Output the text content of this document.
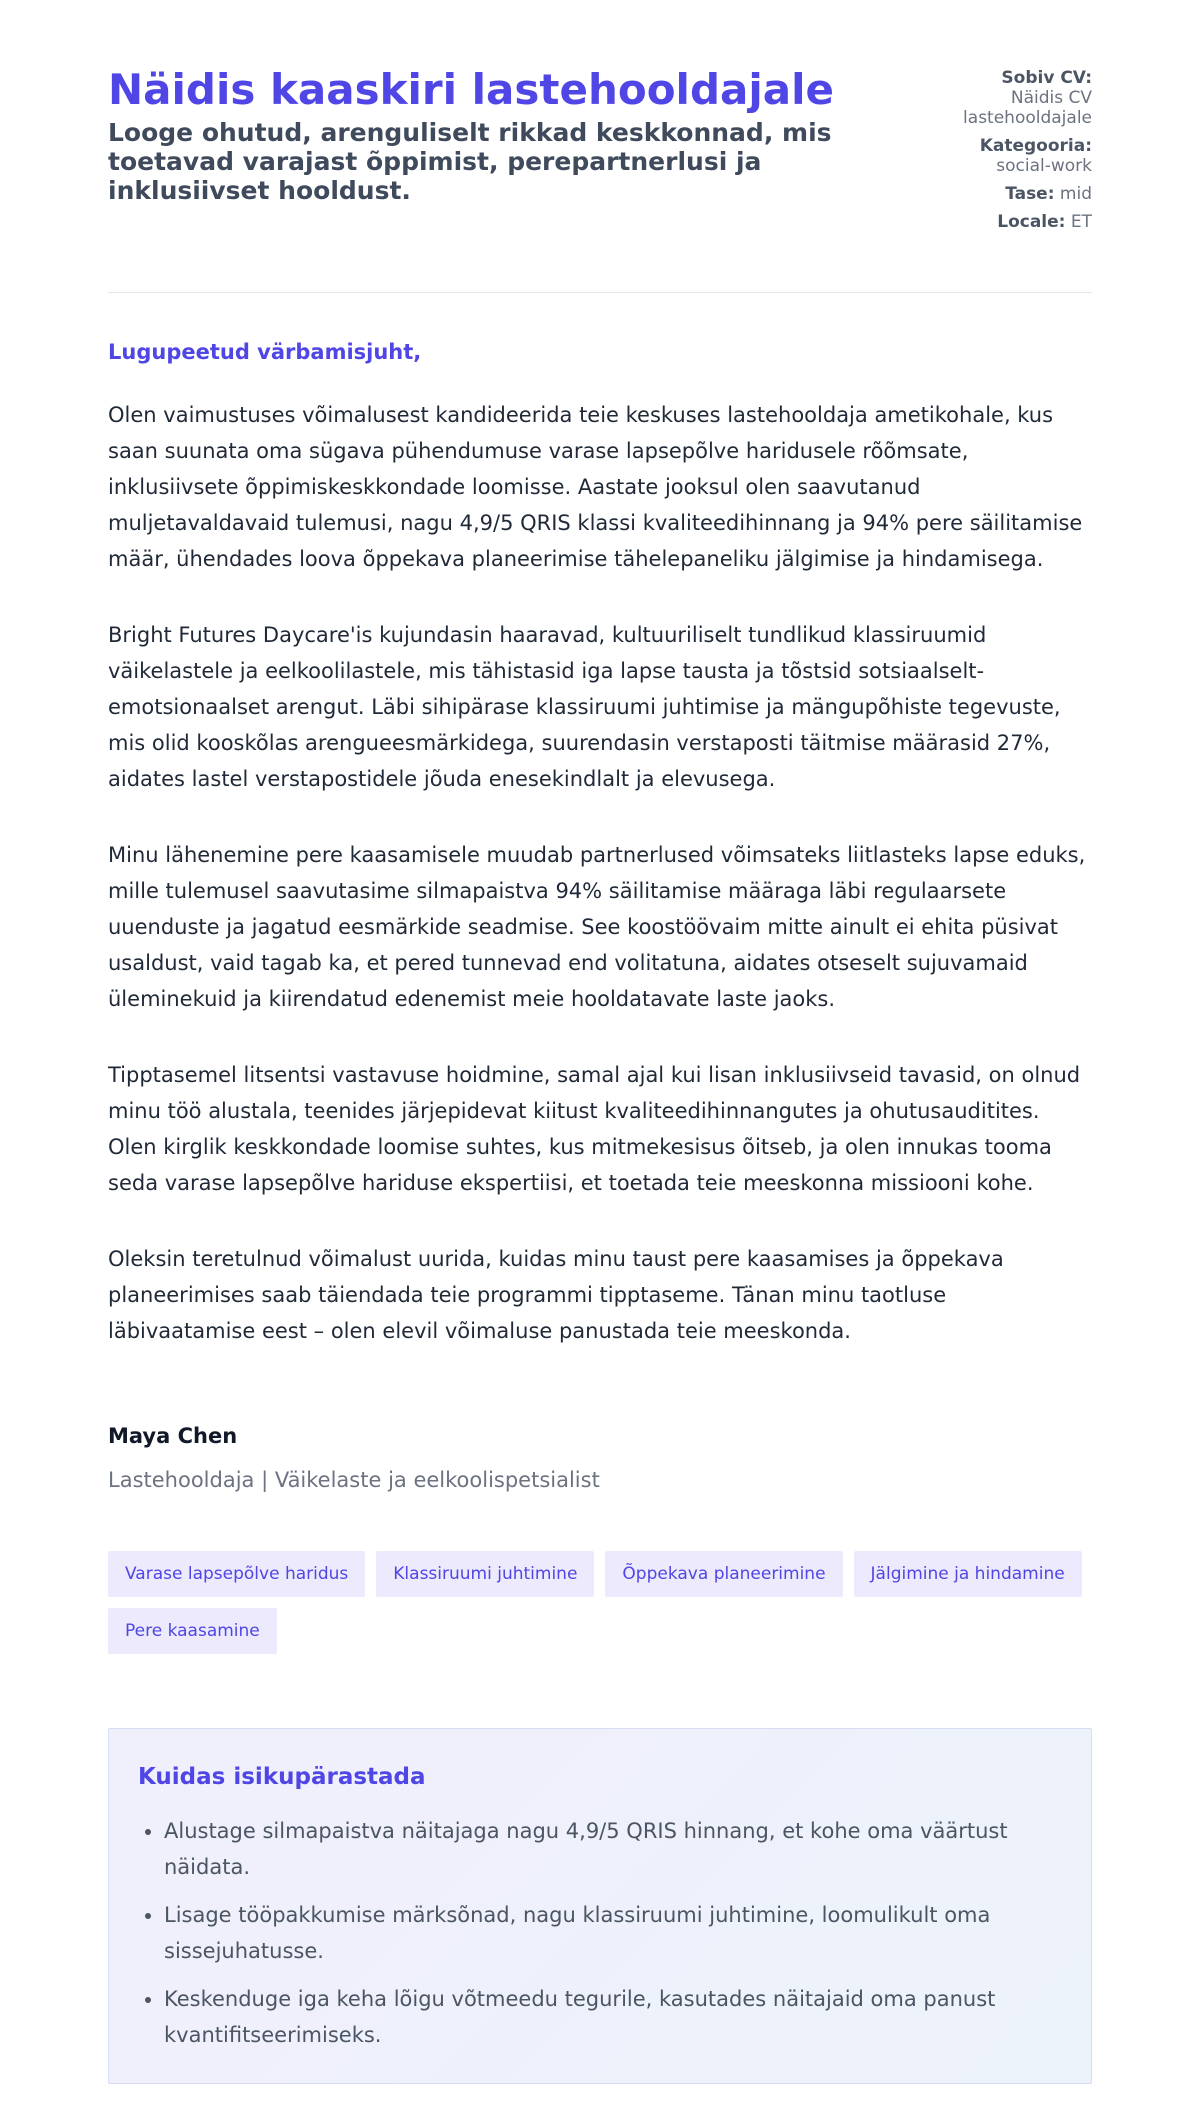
Näidis kaaskiri lastehooldajale
Looge ohutud, arenguliselt rikkad keskkonnad, mis toetavad varajast õppimist, perepartnerlusi ja inklusiivset hooldust.
Sobiv CV:
Näidis CV lastehooldajale
Kategooria:
social-work
Tase: mid
Locale: ET

Lugupeetud värbamisjuht,

Olen vaimustuses võimalusest kandideerida teie keskuses lastehooldaja ametikohale, kus saan suunata oma sügava pühendumuse varase lapsepõlve haridusele rõõmsate, inklusiivsete õppimiskeskkondade loomisse. Aastate jooksul olen saavutanud muljetavaldavaid tulemusi, nagu 4,9/5 QRIS klassi kvaliteedihinnang ja 94% pere säilitamise määr, ühendades loova õppekava planeerimise tähelepaneliku jälgimise ja hindamisega.

Bright Futures Daycare'is kujundasin haaravad, kultuuriliselt tundlikud klassiruumid väikelastele ja eelkoolilastele, mis tähistasid iga lapse tausta ja tõstsid sotsiaalselt-emotsionaalset arengut. Läbi sihipärase klassiruumi juhtimise ja mängupõhiste tegevuste, mis olid kooskõlas arengueesmärkidega, suurendasin verstaposti täitmise määrasid 27%, aidates lastel verstapostidele jõuda enesekindlalt ja elevusega.

Minu lähenemine pere kaasamisele muudab partnerlused võimsateks liitlasteks lapse eduks, mille tulemusel saavutasime silmapaistva 94% säilitamise määraga läbi regulaarsete uuenduste ja jagatud eesmärkide seadmise. See koostöövaim mitte ainult ei ehita püsivat usaldust, vaid tagab ka, et pered tunnevad end volitatuna, aidates otseselt sujuvamaid üleminekuid ja kiirendatud edenemist meie hooldatavate laste jaoks.

Tipptasemel litsentsi vastavuse hoidmine, samal ajal kui lisan inklusiivseid tavasid, on olnud minu töö alustala, teenides järjepidevat kiitust kvaliteedihinnangutes ja ohutusauditites. Olen kirglik keskkondade loomise suhtes, kus mitmekesisus õitseb, ja olen innukas tooma seda varase lapsepõlve hariduse ekspertiisi, et toetada teie meeskonna missiooni kohe.

Oleksin teretulnud võimalust uurida, kuidas minu taust pere kaasamises ja õppekava planeerimises saab täiendada teie programmi tipptaseme. Tänan minu taotluse läbivaatamise eest – olen elevil võimaluse panustada teie meeskonda.

Maya Chen
Lastehooldaja | Väikelaste ja eelkoolispetsialist
Varase lapsepõlve haridus	Klassiruumi juhtimine	Õppekava planeerimine	Jälgimine ja hindamine
Pere kaasamine
Kuidas isikupärastada
• Alustage silmapaistva näitajaga nagu 4,9/5 QRIS hinnang, et kohe oma väärtust näidata.
• Lisage tööpakkumise märksõnad, nagu klassiruumi juhtimine, loomulikult oma sissejuhatusse.
• Keskenduge iga keha lõigu võtmeedu tegurile, kasutades näitajaid oma panust kvantifitseerimiseks.
